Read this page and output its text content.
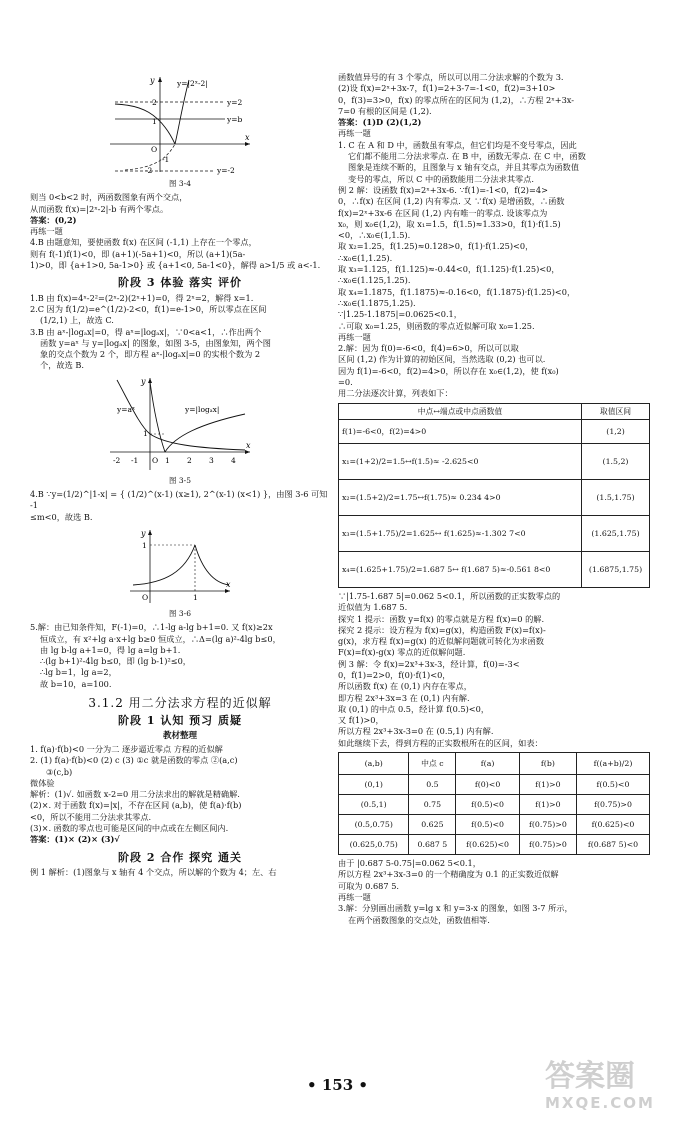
y	y=|2ˣ-2|
y=2
y=b
y=-2
2
1
O
-1
-2
x
图 3-4

则当 0<b<2 时，两函数图象有两个交点，

从而函数 f(x)=|2ˣ-2|-b 有两个零点。

答案：(0,2)

再练一题

4.B 由题意知，要使函数 f(x) 在区间 (-1,1) 上存在一个零点，

则有 f(-1)f(1)<0，即 (a+1)(-5a+1)<0，所以 (a+1)(5a-

1)>0，即 {a+1>0, 5a-1>0} 或 {a+1<0, 5a-1<0}，解得 a>1/5 或 a<-1.

阶段 3 体验 落实 评价

1.B 由 f(x)=4ˣ-2²=(2ˣ-2)(2ˣ+1)=0，得 2ˣ=2，解得 x=1.

2.C 因为 f(1/2)=e^(1/2)-2<0，f(1)=e-1>0，所以零点在区间

(1/2,1) 上，故选 C.

3.B 由 aˣ-|logₐx|=0，得 aˣ=|logₐx|，∵0<a<1，∴作出两个

函数 y=aˣ 与 y=|logₐx| 的图象，如图 3-5，由图象知，两个图

象的交点个数为 2 个，即方程 aˣ-|logₐx|=0 的实根个数为 2

个，故选 B.

y=aˣ	y=|logₐx|
y
x
1
-2 -1 O 1 2 3 4
图 3-5

4.B ∵y=(1/2)^|1-x| = { (1/2)^(x-1) (x≥1), 2^(x-1) (x<1) }，由图 3-6 可知 -1

≤m<0，故选 B.

y
1
O	1
x
图 3-6

5.解：由已知条件知，F(-1)=0，∴1-lg a-lg b+1=0. 又 f(x)≥2x

恒成立，有 x²+lg a·x+lg b≥0 恒成立，∴Δ=(lg a)²-4lg b≤0，

由 lg b-lg a+1=0，得 lg a=lg b+1.

∴(lg b+1)²-4lg b≤0，即 (lg b-1)²≤0，

∴lg b=1，lg a=2，

故 b=10，a=100.

3.1.2 用二分法求方程的近似解
阶段 1 认知 预习 质疑
教材整理

1. f(a)·f(b)<0 一分为二 逐步逼近零点 方程的近似解

2. (1) f(a)·f(b)<0 (2) c (3) ①c 就是函数的零点 ②(a,c)

③(c,b)

微体验

解析：(1)√. 如函数 x-2=0 用二分法求出的解就是精确解.

(2)×. 对于函数 f(x)=|x|，不存在区间 (a,b)，使 f(a)·f(b)

<0，所以不能用二分法求其零点.

(3)×. 函数的零点也可能是区间的中点或在左侧区间内.

答案：(1)× (2)× (3)√

阶段 2 合作 探究 通关

例 1 解析：(1)图象与 x 轴有 4 个交点，所以解的个数为 4；左、右

函数值异号的有 3 个零点，所以可以用二分法求解的个数为 3.

(2)设 f(x)=2ˣ+3x-7，f(1)=2+3-7=-1<0，f(2)=3+10>

0，f(3)=3>0，f(x) 的零点所在的区间为 (1,2)，∴方程 2ˣ+3x-

7=0 有根的区间是 (1,2).

答案：(1)D (2)(1,2)

再练一题

1. C 在 A 和 D 中，函数虽有零点，但它们均是不变号零点，因此

它们都不能用二分法求零点. 在 B 中，函数无零点. 在 C 中，函数

图象是连续不断的，且图象与 x 轴有交点，并且其零点为函数值

变号的零点，所以 C 中的函数能用二分法求其零点.

例 2 解：设函数 f(x)=2ˣ+3x-6. ∵f(1)=-1<0，f(2)=4>

0，∴f(x) 在区间 (1,2) 内有零点. 又 ∵f(x) 是增函数，∴函数

f(x)=2ˣ+3x-6 在区间 (1,2) 内有唯一的零点. 设该零点为

x₀，则 x₀∈(1,2)，取 x₁=1.5，f(1.5)≈1.33>0，f(1)·f(1.5)

<0，∴x₀∈(1,1.5).

取 x₂=1.25，f(1.25)≈0.128>0，f(1)·f(1.25)<0，

∴x₀∈(1,1.25).

取 x₃=1.125，f(1.125)≈-0.44<0，f(1.125)·f(1.25)<0，

∴x₀∈(1.125,1.25).

取 x₄=1.1875，f(1.1875)≈-0.16<0，f(1.1875)·f(1.25)<0，

∴x₀∈(1.1875,1.25).

∵|1.25-1.1875|=0.0625<0.1，

∴可取 x₀=1.25，则函数的零点近似解可取 x₀=1.25.

再练一题

2.解：因为 f(0)=-6<0，f(4)=6>0，所以可以取

区间 (1,2) 作为计算的初始区间，当然选取 (0,2) 也可以.

因为 f(1)=-6<0，f(2)=4>0，所以存在 x₀∈(1,2)，使 f(x₀)

=0.

用二分法逐次计算，列表如下：

中点↔端点或中点函数值	取值区间
f(1)=-6<0，f(2)=4>0	(1,2)
x₁=(1+2)/2=1.5↔f(1.5)≈ -2.625<0	(1.5,2)
x₂=(1.5+2)/2=1.75↔f(1.75)≈ 0.234 4>0	(1.5,1.75)
x₃=(1.5+1.75)/2=1.625↔ f(1.625)≈-1.302 7<0	(1.625,1.75)
x₄=(1.625+1.75)/2=1.687 5↔ f(1.687 5)≈-0.561 8<0	(1.6875,1.75)

∵|1.75-1.687 5|=0.062 5<0.1，所以函数的正实数零点的

近似值为 1.687 5.

探究 1 提示：函数 y=f(x) 的零点就是方程 f(x)=0 的解.

探究 2 提示：设方程为 f(x)=g(x)，构造函数 F(x)=f(x)-

g(x)，求方程 f(x)=g(x) 的近似解问题就可转化为求函数

F(x)=f(x)-g(x) 零点的近似解问题.

例 3 解：令 f(x)=2x³+3x-3，经计算，f(0)=-3<

0，f(1)=2>0，f(0)·f(1)<0，

所以函数 f(x) 在 (0,1) 内存在零点，

即方程 2x³+3x=3 在 (0,1) 内有解.

取 (0,1) 的中点 0.5，经计算 f(0.5)<0，

又 f(1)>0，

所以方程 2x³+3x-3=0 在 (0.5,1) 内有解.

如此继续下去，得到方程的正实数根所在的区间，如表：

(a,b)	中点 c	f(a)	f(b)	f((a+b)/2)
(0,1)	0.5	f(0)<0	f(1)>0	f(0.5)<0
(0.5,1)	0.75	f(0.5)<0	f(1)>0	f(0.75)>0
(0.5,0.75)	0.625	f(0.5)<0	f(0.75)>0	f(0.625)<0
(0.625,0.75)	0.687 5	f(0.625)<0	f(0.75)>0	f(0.687 5)<0

由于 |0.687 5-0.75|=0.062 5<0.1，

所以方程 2x³+3x-3=0 的一个精确度为 0.1 的正实数近似解

可取为 0.687 5.

再练一题

3.解：分别画出函数 y=lg x 和 y=3-x 的图象，如图 3-7 所示，

在两个函数图象的交点处，函数值相等.

• 153 •	答案圈
MXQE.COM
